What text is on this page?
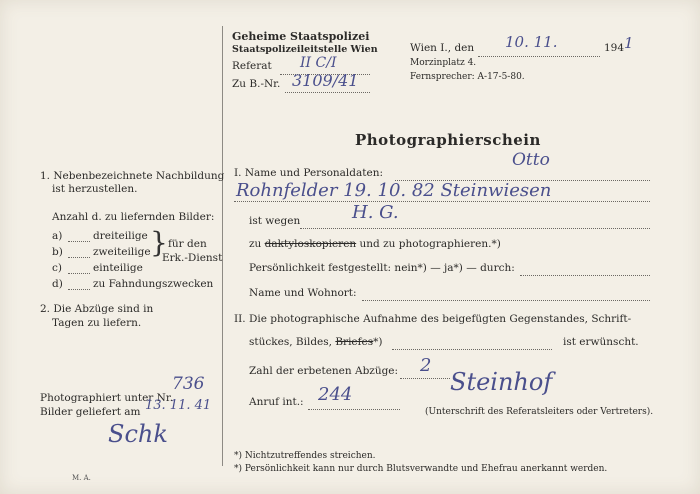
Geheime Staatspolizei
Staatspolizeileitstelle Wien
Referat II C/I
Zu B.-Nr. 3109/41
Wien I., den 10. 11.	194 1
Morzinplatz 4.
Fernsprecher: A-17-5-80.
Photographierschein
1. Nebenbezeichnete Nachbildung
ist herzustellen.
Anzahl d. zu liefernden Bilder:
a)	dreiteilige
b)	zweiteilige
c)	einteilige
d)	zu Fahndungszwecken
} für den
Erk.-Dienst
2. Die Abzüge sind in
Tagen zu liefern.
Photographiert unter Nr.
736
Bilder geliefert am 13. 11. 41
Schk
M. A.
I. Name und Personaldaten:
Otto
Rohnfelder 19. 10. 82 Steinwiesen
ist wegen	H. G.
zu daktyloskopieren und zu photographieren.*)
Persönlichkeit festgestellt: nein*) — ja*) — durch:
Name und Wohnort:
II. Die photographische Aufnahme des beigefügten Gegenstandes, Schrift-
stückes, Bildes, Briefes*)	ist erwünscht.
Zahl der erbetenen Abzüge: 2
Anruf int.: 244	Steinhof
(Unterschrift des Referatsleiters oder Vertreters).
*) Nichtzutreffendes streichen.
*) Persönlichkeit kann nur durch Blutsverwandte und Ehefrau anerkannt werden.
